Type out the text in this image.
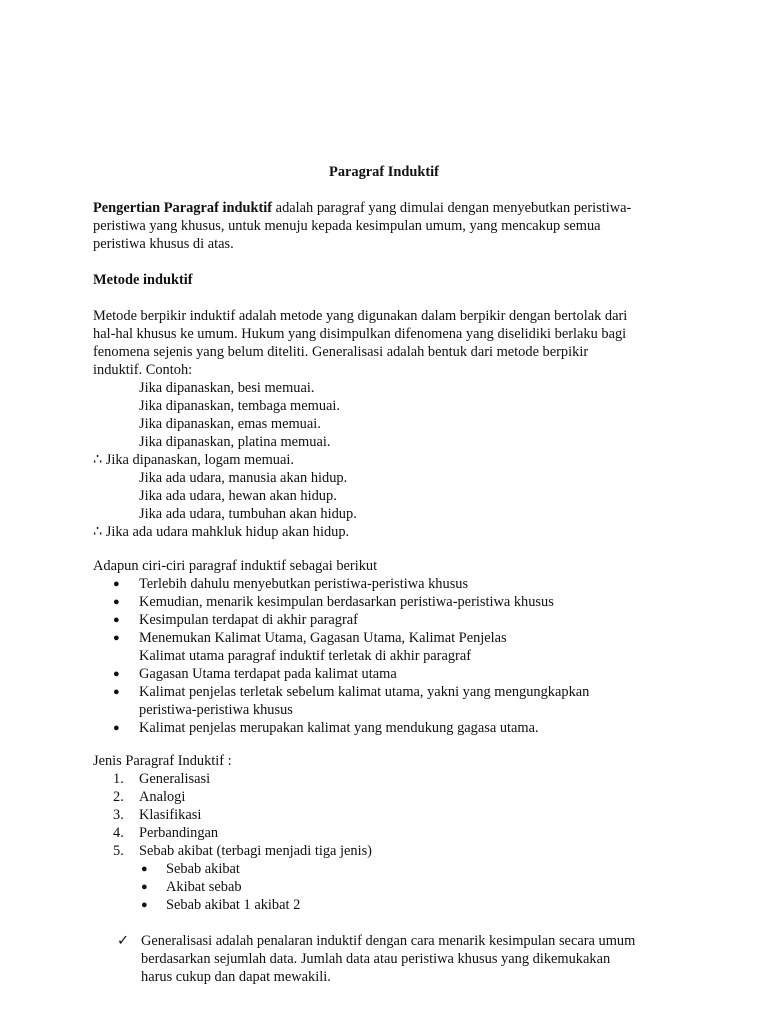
Paragraf Induktif
Pengertian Paragraf induktif adalah paragraf yang dimulai dengan menyebutkan peristiwa-
peristiwa yang khusus, untuk menuju kepada kesimpulan umum, yang mencakup semua
peristiwa khusus di atas.
Metode induktif
Metode berpikir induktif adalah metode yang digunakan dalam berpikir dengan bertolak dari
hal-hal khusus ke umum. Hukum yang disimpulkan difenomena yang diselidiki berlaku bagi
fenomena sejenis yang belum diteliti. Generalisasi adalah bentuk dari metode berpikir
induktif. Contoh:
Jika dipanaskan, besi memuai.
Jika dipanaskan, tembaga memuai.
Jika dipanaskan, emas memuai.
Jika dipanaskan, platina memuai.
∴ Jika dipanaskan, logam memuai.
Jika ada udara, manusia akan hidup.
Jika ada udara, hewan akan hidup.
Jika ada udara, tumbuhan akan hidup.
∴ Jika ada udara mahkluk hidup akan hidup.
Adapun ciri-ciri paragraf induktif sebagai berikut
● Terlebih dahulu menyebutkan peristiwa-peristiwa khusus
● Kemudian, menarik kesimpulan berdasarkan peristiwa-peristiwa khusus
● Kesimpulan terdapat di akhir paragraf
● Menemukan Kalimat Utama, Gagasan Utama, Kalimat Penjelas
Kalimat utama paragraf induktif terletak di akhir paragraf
● Gagasan Utama terdapat pada kalimat utama
● Kalimat penjelas terletak sebelum kalimat utama, yakni yang mengungkapkan
peristiwa-peristiwa khusus
● Kalimat penjelas merupakan kalimat yang mendukung gagasa utama.
Jenis Paragraf Induktif :
1. Generalisasi
2. Analogi
3. Klasifikasi
4. Perbandingan
5. Sebab akibat (terbagi menjadi tiga jenis)
● Sebab akibat
● Akibat sebab
● Sebab akibat 1 akibat 2
✓ Generalisasi adalah penalaran induktif dengan cara menarik kesimpulan secara umum
berdasarkan sejumlah data. Jumlah data atau peristiwa khusus yang dikemukakan
harus cukup dan dapat mewakili.
